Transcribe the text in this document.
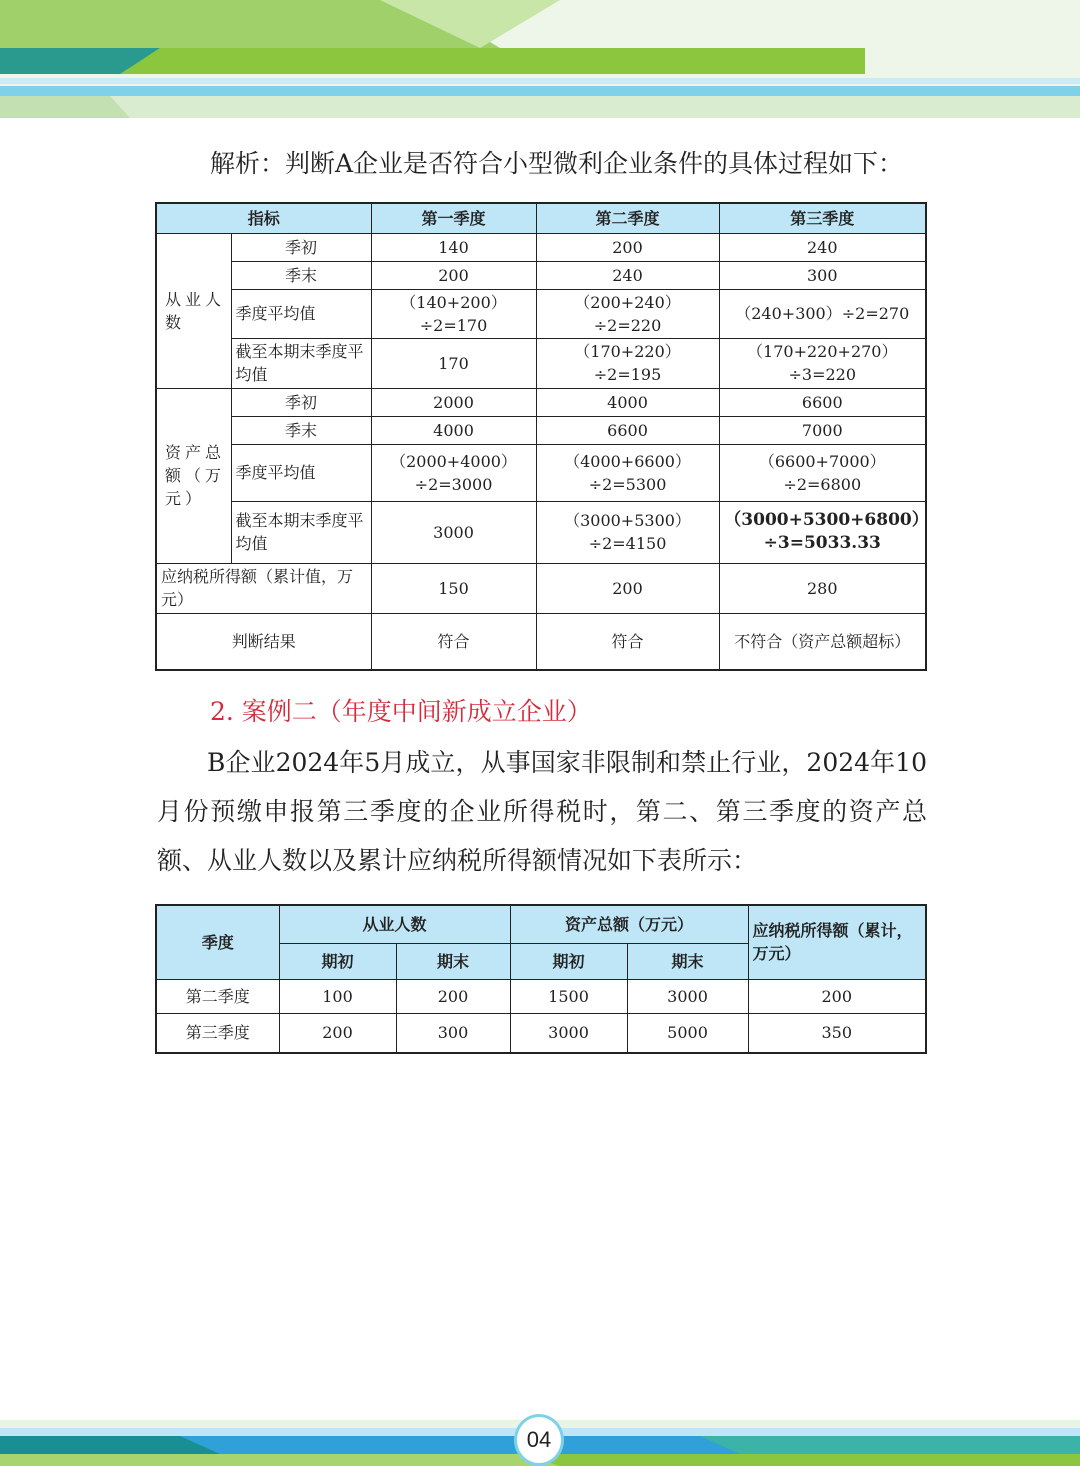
解析：判断A企业是否符合小型微利企业条件的具体过程如下：

指标		第一季度	第二季度	第三季度
从业人数	季初	140	200	240
	季末	200	240	300
	季度平均值	（140+200）÷2=170	（200+240）÷2=220	（240+300）÷2=270
	截至本期末季度平均值	170	（170+220）÷2=195	（170+220+270）÷3=220
资产总额（万元）	季初	2000	4000	6600
	季末	4000	6600	7000
	季度平均值	（2000+4000）÷2=3000	（4000+6600）÷2=5300	（6600+7000）÷2=6800
	截至本期末季度平均值	3000	（3000+5300）÷2=4150	（3000+5300+6800）÷3=5033.33
应纳税所得额（累计值，万元）		150	200	280
判断结果		符合	符合	不符合（资产总额超标）

2. 案例二（年度中间新成立企业）

B企业2024年5月成立，从事国家非限制和禁止行业，2024年10月份预缴申报第三季度的企业所得税时，第二、第三季度的资产总额、从业人数以及累计应纳税所得额情况如下表所示：

季度	从业人数		资产总额（万元）		应纳税所得额（累计，万元）
	期初	期末	期初	期末	
第二季度	100	200	1500	3000	200
第三季度	200	300	3000	5000	350
04
